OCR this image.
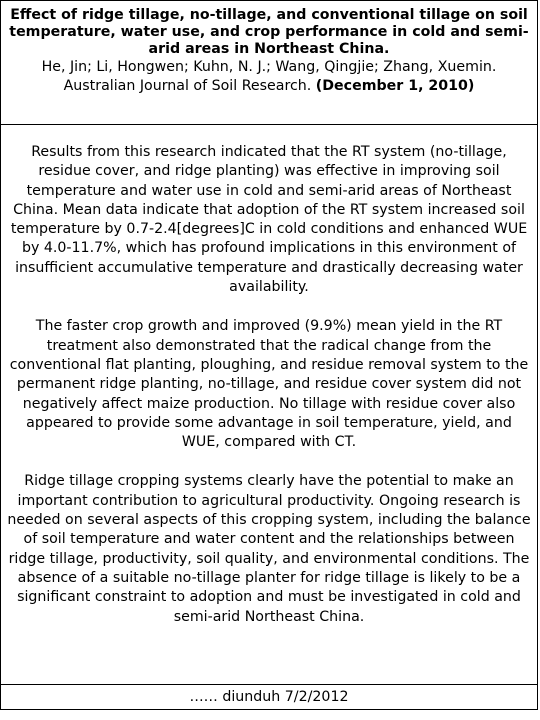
Effect of ridge tillage, no-tillage, and conventional tillage on soil temperature, water use, and crop performance in cold and semi-arid areas in Northeast China.
He, Jin; Li, Hongwen; Kuhn, N. J.; Wang, Qingjie; Zhang, Xuemin.
Australian Journal of Soil Research. (December 1, 2010)

Results from this research indicated that the RT system (no-tillage, residue cover, and ridge planting) was effective in improving soil temperature and water use in cold and semi-arid areas of Northeast China. Mean data indicate that adoption of the RT system increased soil temperature by 0.7-2.4[degrees]C in cold conditions and enhanced WUE by 4.0-11.7%, which has profound implications in this environment of insufficient accumulative temperature and drastically decreasing water availability.

The faster crop growth and improved (9.9%) mean yield in the RT treatment also demonstrated that the radical change from the conventional flat planting, ploughing, and residue removal system to the permanent ridge planting, no-tillage, and residue cover system did not negatively affect maize production. No tillage with residue cover also appeared to provide some advantage in soil temperature, yield, and WUE, compared with CT.

Ridge tillage cropping systems clearly have the potential to make an important contribution to agricultural productivity. Ongoing research is needed on several aspects of this cropping system, including the balance of soil temperature and water content and the relationships between ridge tillage, productivity, soil quality, and environmental conditions. The absence of a suitable no-tillage planter for ridge tillage is likely to be a significant constraint to adoption and must be investigated in cold and semi-arid Northeast China.

…… diunduh 7/2/2012
